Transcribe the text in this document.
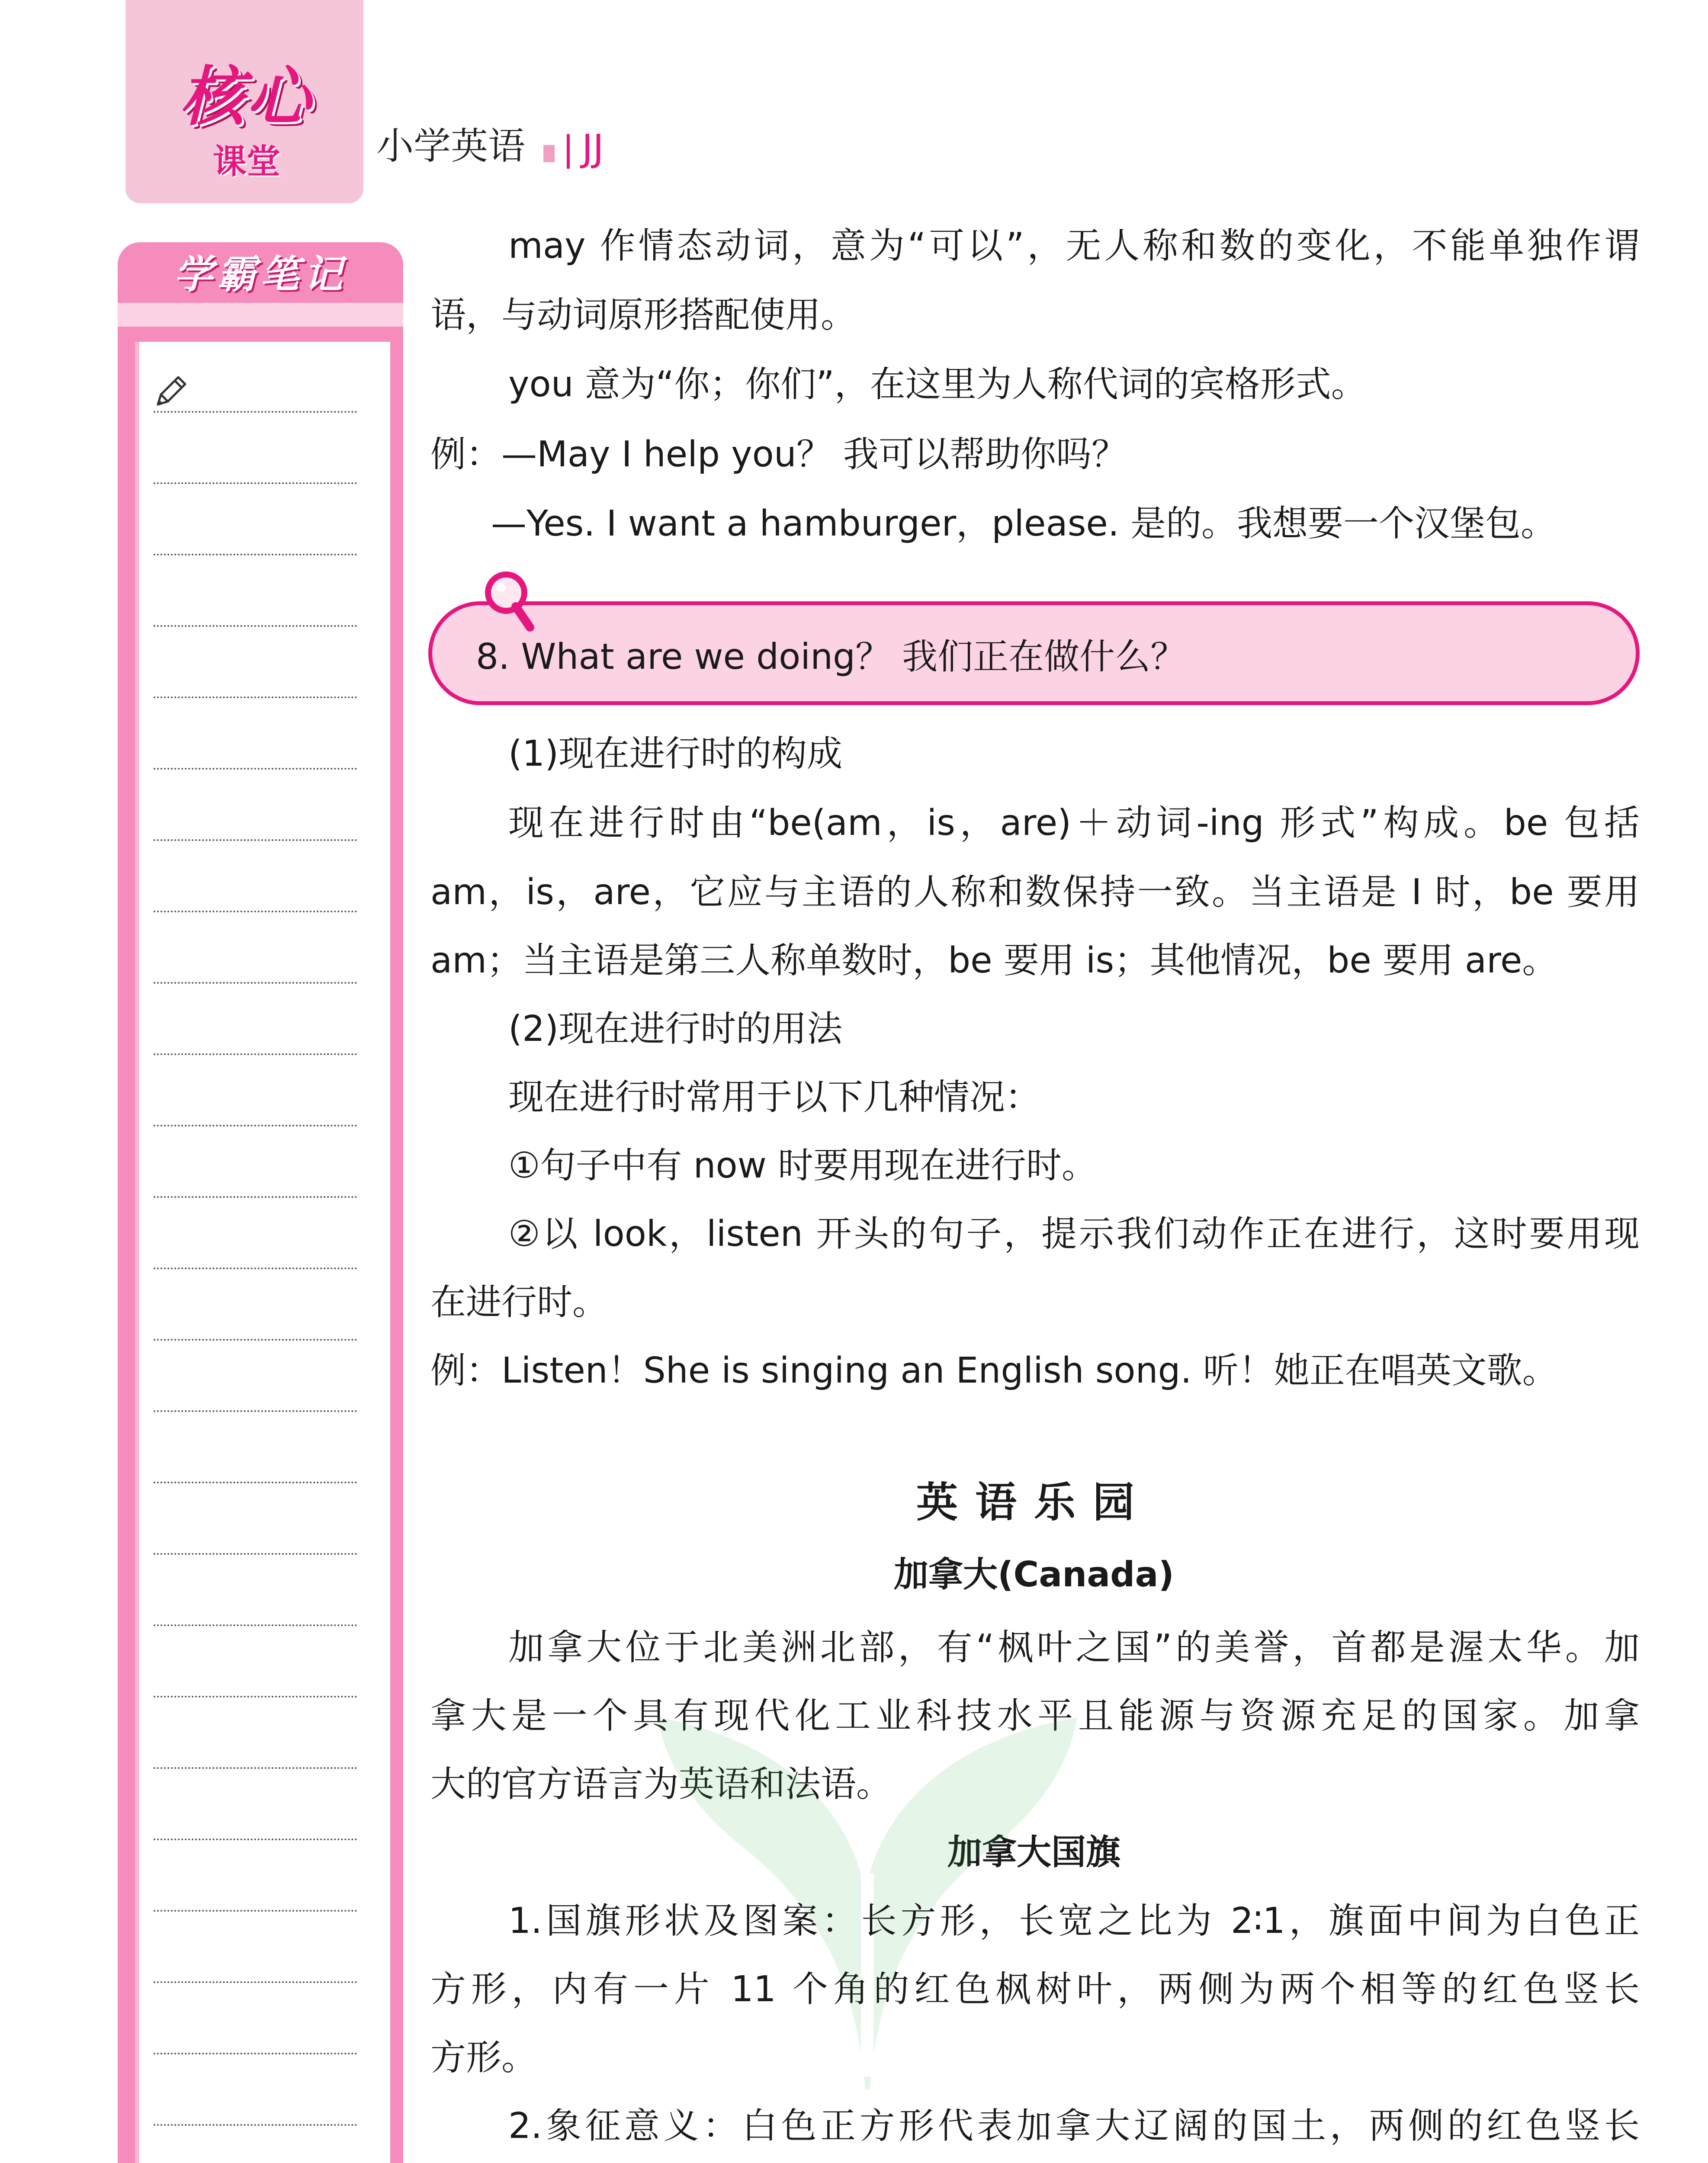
核心
课堂	小学英语 JJ
学霸笔记
may 作情态动词，意为“可以”，无人称和数的变化，不能单独作谓
语，与动词原形搭配使用。
you 意为“你；你们”，在这里为人称代词的宾格形式。
例：—May I help you？ 我可以帮助你吗？
—Yes. I want a hamburger，please. 是的。我想要一个汉堡包。
8. What are we doing？ 我们正在做什么？
(1)现在进行时的构成
现在进行时由“be(am，is，are)＋动词-ing 形式”构成。be 包括
am，is，are，它应与主语的人称和数保持一致。当主语是 I 时，be 要用
am；当主语是第三人称单数时，be 要用 is；其他情况，be 要用 are。
(2)现在进行时的用法
现在进行时常用于以下几种情况：
①句子中有 now 时要用现在进行时。
②以 look，listen 开头的句子，提示我们动作正在进行，这时要用现
在进行时。
例：Listen！She is singing an English song. 听！她正在唱英文歌。
英语乐园
加拿大(Canada)
加拿大位于北美洲北部，有“枫叶之国”的美誉，首都是渥太华。加
拿大是一个具有现代化工业科技水平且能源与资源充足的国家。加拿
大的官方语言为英语和法语。
加拿大国旗
1.国旗形状及图案：长方形，长宽之比为 2∶1，旗面中间为白色正
方形，内有一片 11 个角的红色枫树叶，两侧为两个相等的红色竖长
方形。
2.象征意义：白色正方形代表加拿大辽阔的国土，两侧的红色竖长
